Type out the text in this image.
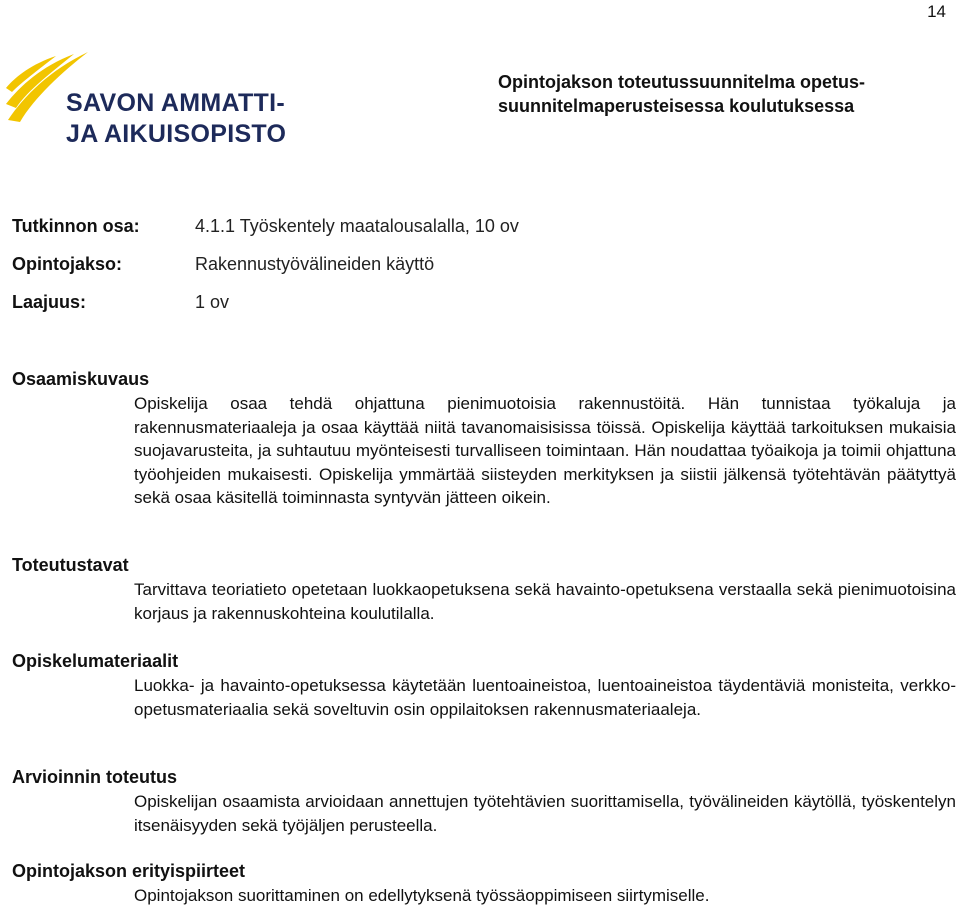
14
SAVON AMMATTI-
JA AIKUISOPISTO
Opintojakson toteutussuunnitelma opetus-
suunnitelmaperusteisessa koulutuksessa
Tutkinnon osa:	4.1.1 Työskentely maatalousalalla, 10 ov
Opintojakso:	Rakennustyövälineiden käyttö
Laajuus:	1 ov
Osaamiskuvaus
Opiskelija osaa tehdä ohjattuna pienimuotoisia rakennustöitä. Hän tunnistaa työkaluja ja rakennusmateriaaleja ja osaa käyttää niitä tavanomaisisissa töissä. Opiskelija käyttää tarkoituksen mukaisia suojavarusteita, ja suhtautuu myönteisesti turvalliseen toimintaan. Hän noudattaa työaikoja ja toimii ohjattuna työohjeiden mukaisesti. Opiskelija ymmärtää siisteyden merkityksen ja siistii jälkensä työtehtävän päätyttyä sekä osaa käsitellä toiminnasta syntyvän jätteen oikein.
Toteutustavat
Tarvittava teoriatieto opetetaan luokkaopetuksena sekä havainto-opetuksena verstaalla sekä pienimuotoisina korjaus ja rakennuskohteina koulutilalla.
Opiskelumateriaalit
Luokka- ja havainto-opetuksessa käytetään luentoaineistoa, luentoaineistoa täydentäviä monisteita, verkko-opetusmateriaalia sekä soveltuvin osin oppilaitoksen rakennusmateriaaleja.
Arvioinnin toteutus
Opiskelijan osaamista arvioidaan annettujen työtehtävien suorittamisella, työvälineiden käytöllä, työskentelyn itsenäisyyden sekä työjäljen perusteella.
Opintojakson erityispiirteet
Opintojakson suorittaminen on edellytyksenä työssäoppimiseen siirtymiselle.
